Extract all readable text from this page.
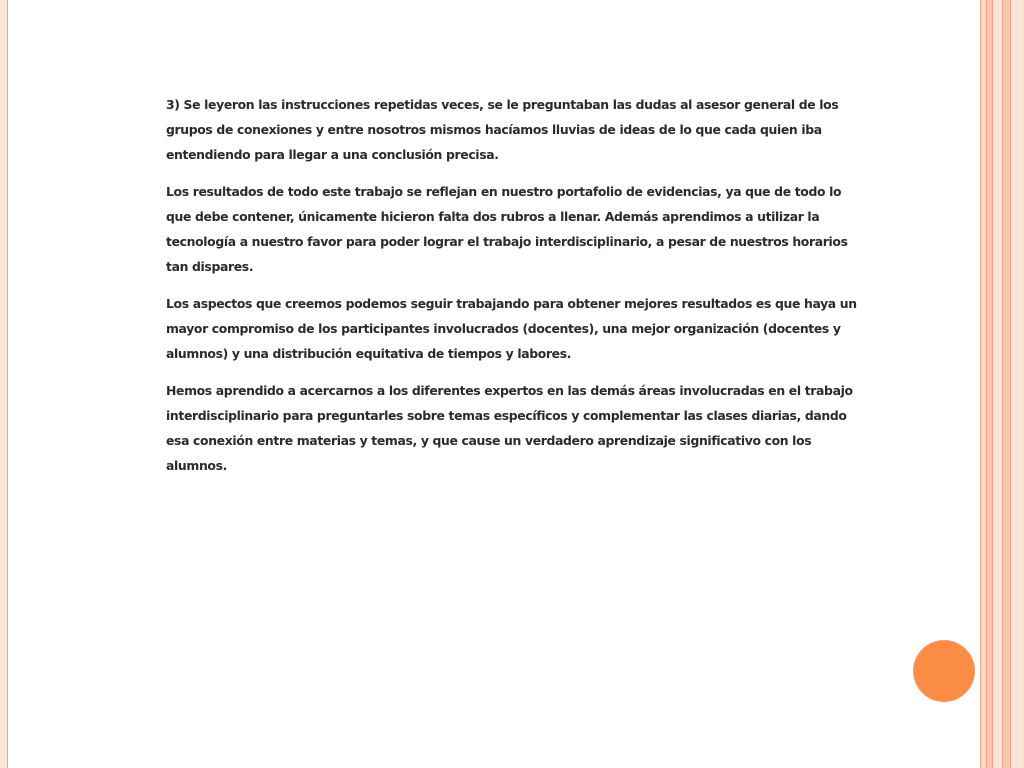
3) Se leyeron las instrucciones repetidas veces, se le preguntaban las dudas al asesor general de los grupos de conexiones y entre nosotros mismos hacíamos lluvias de ideas de lo que cada quien iba entendiendo para llegar a una conclusión precisa.

Los resultados de todo este trabajo se reflejan en nuestro portafolio de evidencias, ya que de todo lo que debe contener, únicamente hicieron falta dos rubros a llenar. Además aprendimos a utilizar la tecnología a nuestro favor para poder lograr el trabajo interdisciplinario, a pesar de nuestros horarios tan dispares.

Los aspectos que creemos podemos seguir trabajando para obtener mejores resultados es que haya un mayor compromiso de los participantes involucrados (docentes), una mejor organización (docentes y alumnos) y una distribución equitativa de tiempos y labores.

Hemos aprendido a acercarnos a los diferentes expertos en las demás áreas involucradas en el trabajo interdisciplinario para preguntarles sobre temas específicos y complementar las clases diarias, dando esa conexión entre materias y temas, y que cause un verdadero aprendizaje significativo con los alumnos.
